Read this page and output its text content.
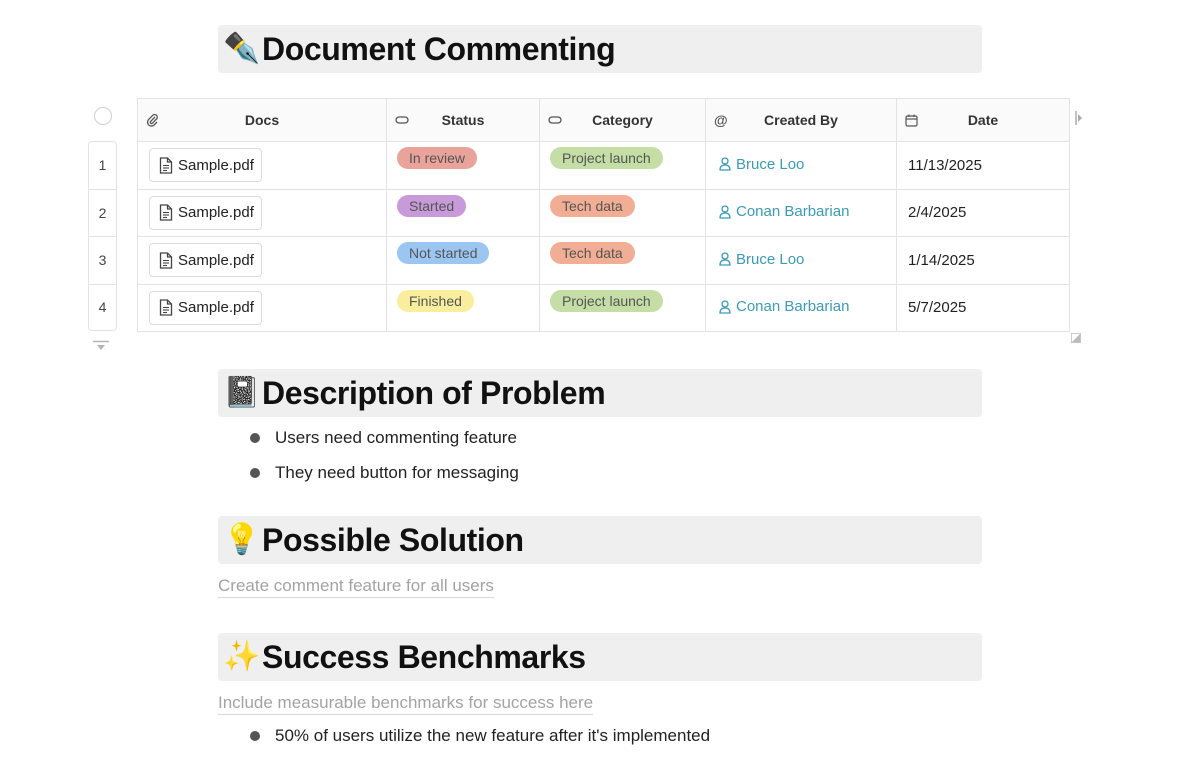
✒️ Document Commenting
1
2
3
4
Docs	Status	Category	@ Created By	Date

Sample.pdf	In review	Project launch	Bruce Loo	11/13/2025

Sample.pdf	Started	Tech data	Conan Barbarian	2/4/2025

Sample.pdf	Not started	Tech data	Bruce Loo	1/14/2025

Sample.pdf	Finished	Project launch	Conan Barbarian	5/7/2025
📓 Description of Problem
Users need commenting feature
They need button for messaging
💡 Possible Solution
Create comment feature for all users
✨ Success Benchmarks
Include measurable benchmarks for success here
50% of users utilize the new feature after it's implemented
